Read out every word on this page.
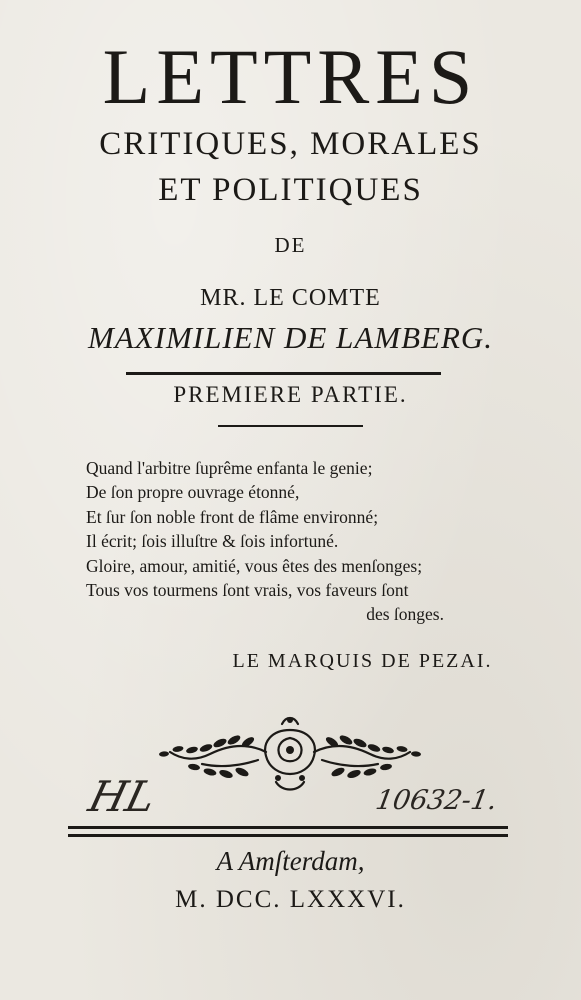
LETTRES
CRITIQUES, MORALES
ET POLITIQUES
DE
MR. LE COMTE
MAXIMILIEN DE LAMBERG.
PREMIERE PARTIE.
Quand l'arbitre ſuprême enfanta le genie;
De ſon propre ouvrage étonné,
Et ſur ſon noble front de flâme environné;
Il écrit; ſois illuſtre & ſois infortuné.
Gloire, amour, amitié, vous êtes des menſonges;
Tous vos tourmens ſont vrais, vos faveurs ſont
des ſonges.
LE MARQUIS DE PEZAI.
HL	10632-1.
A Amſterdam,
M. DCC. LXXXVI.
